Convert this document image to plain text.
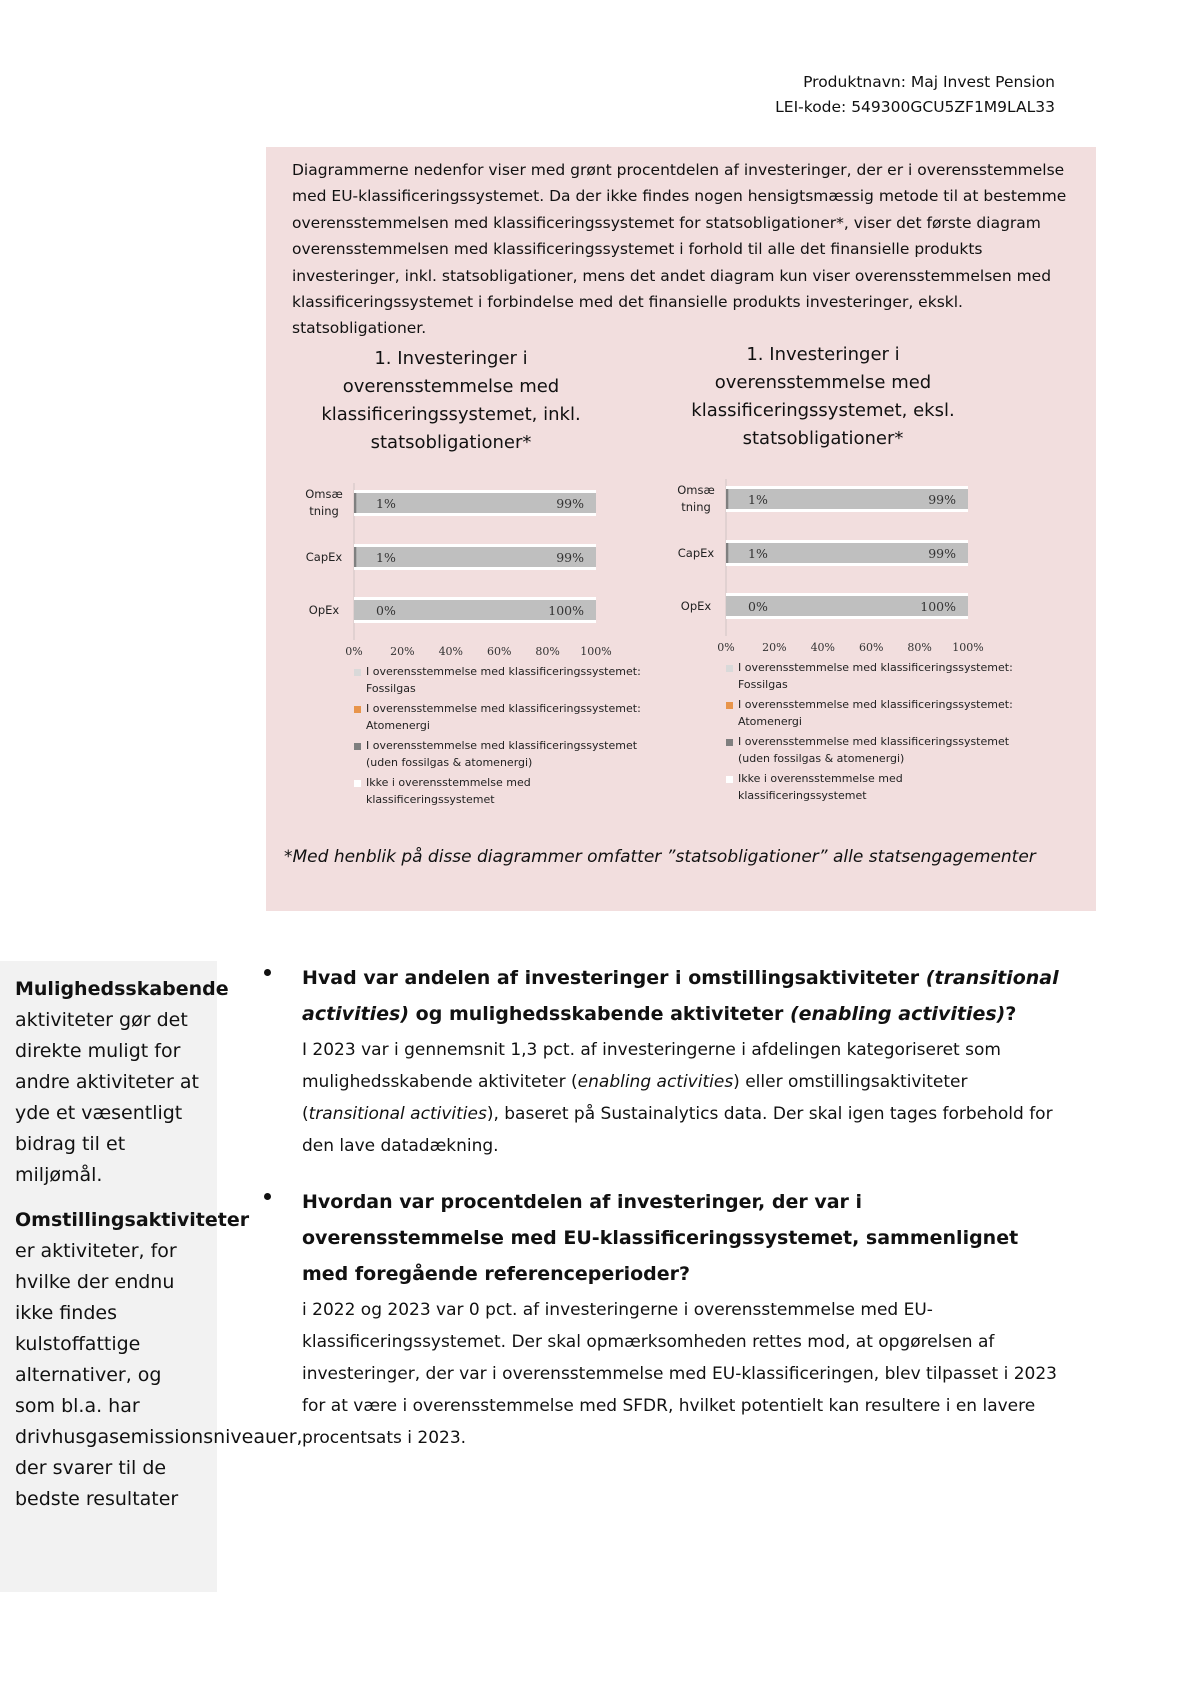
Produktnavn: Maj Invest Pension
LEI-kode: 549300GCU5ZF1M9LAL33

Diagrammerne nedenfor viser med grønt procentdelen af investeringer, der er i overensstemmelse med EU-klassificeringssystemet. Da der ikke findes nogen hensigtsmæssig metode til at bestemme overensstemmelsen med klassificeringssystemet for statsobligationer*, viser det første diagram overensstemmelsen med klassificeringssystemet i forhold til alle det finansielle produkts investeringer, inkl. statsobligationer, mens det andet diagram kun viser overensstemmelsen med klassificeringssystemet i forbindelse med det finansielle produkts investeringer, ekskl. statsobligationer.

1. Investeringer i
overensstemmelse med
klassificeringssystemet, inkl.
statsobligationer*
Omsæ
tning	1%	99%
CapEx	1%	99%
OpEx	0%	100%
0% 20% 40% 60% 80% 100%
I overensstemmelse med klassificeringssystemet: Fossilgas
I overensstemmelse med klassificeringssystemet: Atomenergi
I overensstemmelse med klassificeringssystemet (uden fossilgas & atomenergi)
Ikke i overensstemmelse med klassificeringssystemet
1. Investeringer i
overensstemmelse med
klassificeringssystemet, eksl.
statsobligationer*
Omsæ
tning	1%	99%
CapEx	1%	99%
OpEx	0%	100%
0% 20% 40% 60% 80% 100%
I overensstemmelse med klassificeringssystemet: Fossilgas
I overensstemmelse med klassificeringssystemet: Atomenergi
I overensstemmelse med klassificeringssystemet (uden fossilgas & atomenergi)
Ikke i overensstemmelse med klassificeringssystemet
*Med henblik på disse diagrammer omfatter ”statsobligationer” alle statsengagementer

Mulighedsskabende aktiviteter gør det direkte muligt for andre aktiviteter at yde et væsentligt bidrag til et miljømål.

Omstillingsaktiviteter er aktiviteter, for hvilke der endnu ikke findes kulstoffattige alternativer, og som bl.a. har drivhusgasemissionsniveauer, der svarer til de bedste resultater

Hvad var andelen af investeringer i omstillingsaktiviteter (transitional activities) og mulighedsskabende aktiviteter (enabling activities)?
I 2023 var i gennemsnit 1,3 pct. af investeringerne i afdelingen kategoriseret som mulighedsskabende aktiviteter (enabling activities) eller omstillingsaktiviteter (transitional activities), baseret på Sustainalytics data. Der skal igen tages forbehold for den lave datadækning.
Hvordan var procentdelen af investeringer, der var i overensstemmelse med EU-klassificeringssystemet, sammenlignet med foregående referenceperioder?
i 2022 og 2023 var 0 pct. af investeringerne i overensstemmelse med EU-klassificeringssystemet. Der skal opmærksomheden rettes mod, at opgørelsen af investeringer, der var i overensstemmelse med EU-klassificeringen, blev tilpasset i 2023 for at være i overensstemmelse med SFDR, hvilket potentielt kan resultere i en lavere procentsats i 2023.
